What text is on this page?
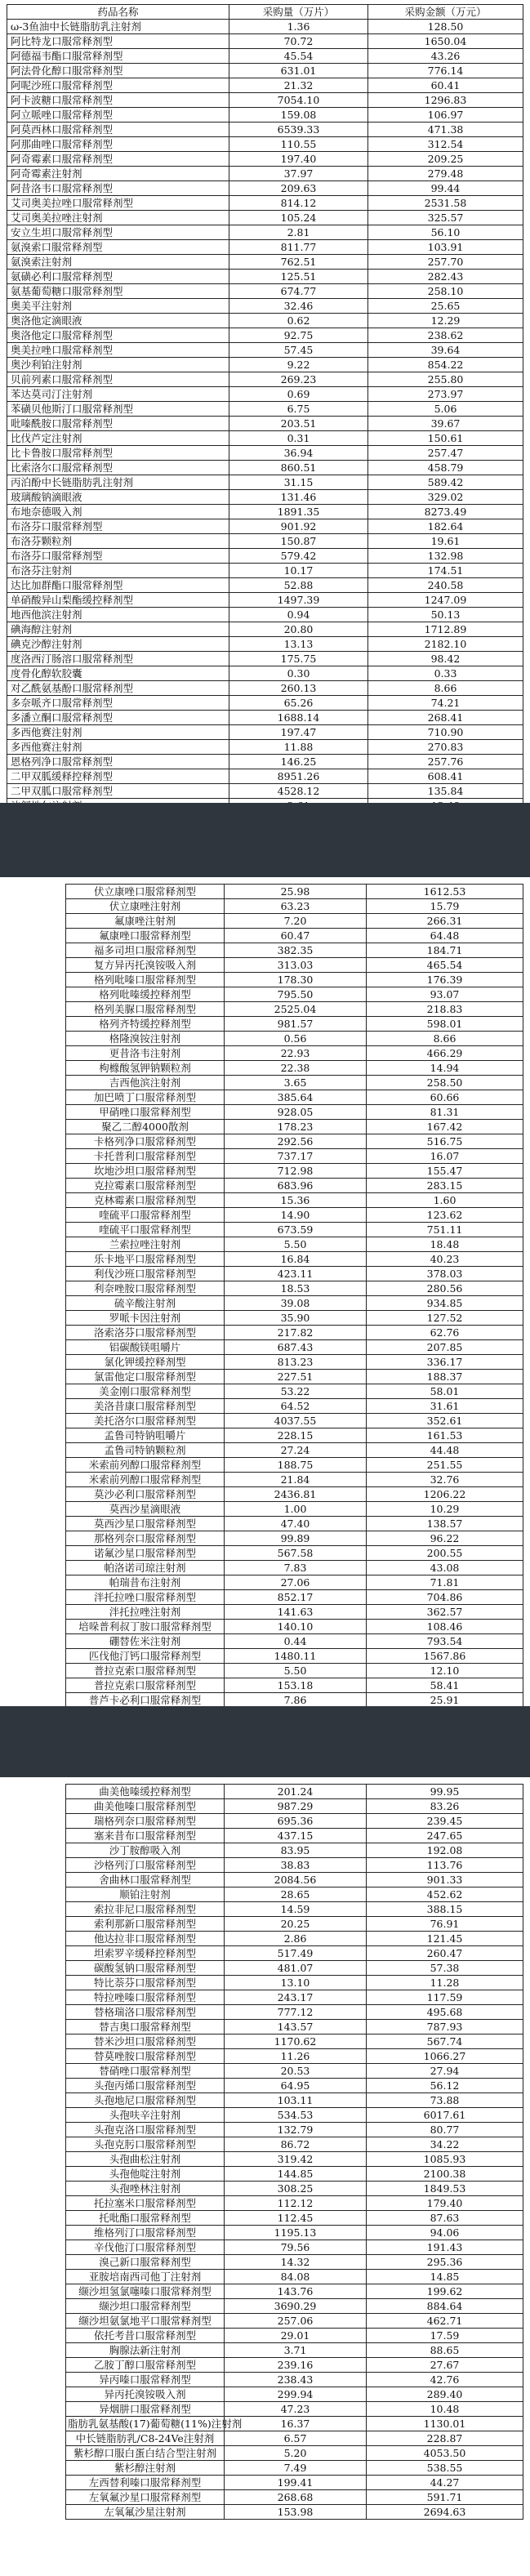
药品名称	采购量（万片）	采购金额（万元）
ω-3鱼油中长链脂肪乳注射剂	1.36	128.50
阿比特龙口服常释剂型	70.72	1650.04
阿德福韦酯口服常释剂型	45.54	43.26
阿法骨化醇口服常释剂型	631.01	776.14
阿呢沙班口服常释剂型	21.32	60.41
阿卡波糖口服常释剂型	7054.10	1296.83
阿立哌唑口服常释剂型	159.08	106.97
阿莫西林口服常释剂型	6539.33	471.38
阿那曲唑口服常释剂型	110.55	312.54
阿奇霉素口服常释剂型	197.40	209.25
阿奇霉素注射剂	37.97	279.48
阿昔洛韦口服常释剂型	209.63	99.44
艾司奥美拉唑口服常释剂型	814.12	2531.58
艾司奥美拉唑注射剂	105.24	325.57
安立生坦口服常释剂型	2.81	56.10
氨溴索口服常释剂型	811.77	103.91
氨溴索注射剂	762.51	257.70
氨磺必利口服常释剂型	125.51	282.43
氨基葡萄糖口服常释剂型	674.77	258.10
奥美平注射剂	32.46	25.65
奥洛他定滴眼液	0.62	12.29
奥洛他定口服常释剂型	92.75	238.62
奥美拉唑口服常释剂型	57.45	39.64
奥沙利铂注射剂	9.22	854.22
贝前列素口服常释剂型	269.23	255.80
苯达莫司汀注射剂	0.69	273.97
苯磺贝他斯汀口服常释剂型	6.75	5.06
吡嗪酰胺口服常释剂型	203.51	39.67
比伐芦定注射剂	0.31	150.61
比卡鲁胺口服常释剂型	36.94	257.47
比索洛尔口服常释剂型	860.51	458.79
丙泊酚中长链脂肪乳注射剂	31.15	589.42
玻璃酸钠滴眼液	131.46	329.02
布地奈德吸入剂	1891.35	8273.49
布洛芬口服常释剂型	901.92	182.64
布洛芬颗粒剂	150.87	19.61
布洛芬口服常释剂型	579.42	132.98
布洛芬注射剂	10.17	174.51
达比加群酯口服常释剂型	52.88	240.58
单硝酸异山梨酯缓控释剂型	1497.39	1247.09
地西他滨注射剂	0.94	50.13
碘海醇注射剂	20.80	1712.89
碘克沙醇注射剂	13.13	2182.10
度洛西汀肠溶口服常释剂型	175.75	98.42
度骨化醇软胶囊	0.30	0.33
对乙酰氨基酚口服常释剂型	260.13	8.66
多奈哌齐口服常释剂型	65.26	74.21
多潘立酮口服常释剂型	1688.14	268.41
多西他赛注射剂	197.47	710.90
多西他赛注射剂	11.88	270.83
恩格列净口服常释剂型	146.25	257.76
二甲双胍缓释控释剂型	8951.26	608.41
二甲双胍口服常释剂型	4528.12	135.84

伏立康唑口服常释剂型	25.98	1612.53
伏立康唑注射剂	63.23	15.79
氟康唑注射剂	7.20	266.31
氟康唑口服常释剂型	60.47	64.48
福多司坦口服常释剂型	382.35	184.71
复方异丙托溴铵吸入剂	313.03	465.54
格列吡嗪口服常释剂型	178.30	176.39
格列吡嗪缓控释剂型	795.50	93.07
格列美脲口服常释剂型	2525.04	218.83
格列齐特缓控释剂型	981.57	598.01
格隆溴铵注射剂	0.56	8.66
更昔洛韦注射剂	22.93	466.29
枸橼酸氢钾钠颗粒剂	22.38	14.94
吉西他滨注射剂	3.65	258.50
加巴喷丁口服常释剂型	385.64	60.66
甲硝唑口服常释剂型	928.05	81.31
聚乙二醇4000散剂	178.23	167.42
卡格列净口服常释剂型	292.56	516.75
卡托普利口服常释剂型	737.17	16.07
坎地沙坦口服常释剂型	712.98	155.47
克拉霉素口服常释剂型	683.96	283.15
克林霉素口服常释剂型	15.36	1.60
喹硫平口服常释剂型	14.90	123.62
喹硫平口服常释剂型	673.59	751.11
兰索拉唑注射剂	5.50	18.48
乐卡地平口服常释剂型	16.84	40.23
利伐沙班口服常释剂型	423.11	378.03
利奈唑胺口服常释剂型	18.53	280.56
硫辛酸注射剂	39.08	934.85
罗哌卡因注射剂	35.90	127.52
洛索洛芬口服常释剂型	217.82	62.76
铝碳酸镁咀嚼片	687.43	207.85
氯化钾缓控释剂型	813.23	336.17
氯雷他定口服常释剂型	227.51	188.37
美金刚口服常释剂型	53.22	58.01
美洛昔康口服常释剂型	64.52	31.61
美托洛尔口服常释剂型	4037.55	352.61
孟鲁司特钠咀嚼片	228.15	161.53
孟鲁司特钠颗粒剂	27.24	44.48
米索前列醇口服常释剂型	188.75	251.55
米索前列醇口服常释剂型	21.84	32.76
莫沙必利口服常释剂型	2436.81	1206.22
莫西沙星滴眼液	1.00	10.29
莫西沙星口服常释剂型	47.40	138.57
那格列奈口服常释剂型	99.89	96.22
诺氟沙星口服常释剂型	567.58	200.55
帕洛诺司琼注射剂	7.83	43.08
帕瑞昔布注射剂	27.06	71.81
泮托拉唑口服常释剂型	852.17	704.86
泮托拉唑注射剂	141.63	362.57
培哚普利叔丁胺口服常释剂型	140.10	108.46
硼替佐米注射剂	0.44	793.54
匹伐他汀钙口服常释剂型	1480.11	1567.86
普拉克索口服常释剂型	5.50	12.10
普拉克索口服常释剂型	153.18	58.41
普芦卡必利口服常释剂型	7.86	25.91

曲美他嗪缓控释剂型	201.24	99.95
曲美他嗪口服常释剂型	987.29	83.26
瑞格列奈口服常释剂型	695.36	239.45
塞来昔布口服常释剂型	437.15	247.65
沙丁胺醇吸入剂	83.95	192.08
沙格列汀口服常释剂型	38.83	113.76
舍曲林口服常释剂型	2084.56	901.33
顺铂注射剂	28.65	452.62
索拉非尼口服常释剂型	14.59	388.15
索利那新口服常释剂型	20.25	76.91
他达拉非口服常释剂型	2.86	121.45
坦索罗辛缓释控释剂型	517.49	260.47
碳酸氢钠口服常释剂型	481.07	57.38
特比萘芬口服常释剂型	13.10	11.28
特拉唑嗪口服常释剂型	243.17	117.59
替格瑞洛口服常释剂型	777.12	495.68
替吉奥口服常释剂型	143.57	787.93
替米沙坦口服常释剂型	1170.62	567.74
替莫唑胺口服常释剂型	11.26	1066.27
替硝唑口服常释剂型	20.53	27.94
头孢丙烯口服常释剂型	64.95	56.12
头孢地尼口服常释剂型	103.11	73.88
头孢呋辛注射剂	534.53	6017.61
头孢克洛口服常释剂型	132.79	80.77
头孢克肟口服常释剂型	86.72	34.22
头孢曲松注射剂	319.42	1085.93
头孢他啶注射剂	144.85	2100.38
头孢唑林注射剂	308.25	1849.53
托拉塞米口服常释剂型	112.12	179.40
托吡酯口服常释剂型	112.45	87.63
维格列汀口服常释剂型	1195.13	94.06
辛伐他汀口服常释剂型	79.56	191.43
溴己新口服常释剂型	14.32	295.36
亚胺培南西司他丁注射剂	84.08	14.85
缬沙坦氢氯噻嗪口服常释剂型	143.76	199.62
缬沙坦口服常释剂型	3690.29	884.64
缬沙坦氨氯地平口服常释剂型	257.06	462.71
依托考昔口服常释剂型	29.01	17.59
胸腺法新注射剂	3.71	88.65
乙胺丁醇口服常释剂型	239.16	27.67
异丙嗪口服常释剂型	238.43	42.76
异丙托溴铵吸入剂	299.94	289.40
异烟肼口服常释剂型	47.23	10.48
脂肪乳氨基酸(17)葡萄糖(11%)注射剂	16.37	1130.01
中长链脂肪乳/C8-24Ve注射剂	6.57	228.87
紫杉醇口服白蛋白结合型注射剂	5.20	4053.50
紫杉醇注射剂	7.49	538.55
左西替利嗪口服常释剂型	199.41	44.27
左氧氟沙星口服常释剂型	268.68	591.71
左氧氟沙星注射剂	153.98	2694.63
